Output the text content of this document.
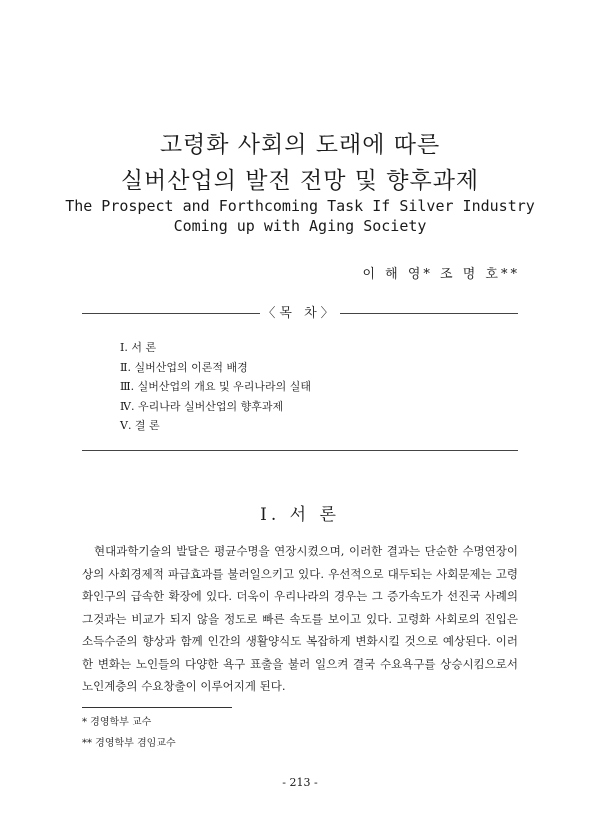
고령화 사회의 도래에 따른
실버산업의 발전 전망 및 향후과제
The Prospect and Forthcoming Task If Silver Industry
Coming up with Aging Society
이 해 영* 조 명 호**
〈목 차〉
Ⅰ. 서 론
Ⅱ. 실버산업의 이론적 배경
Ⅲ. 실버산업의 개요 및 우리나라의 실태
Ⅳ. 우리나라 실버산업의 향후과제
Ⅴ. 결 론
Ⅰ. 서 론

현대과학기술의 발달은 평균수명을 연장시켰으며, 이러한 결과는 단순한 수명연장이상의 사회경제적 파급효과를 불러일으키고 있다. 우선적으로 대두되는 사회문제는 고령화인구의 급속한 확장에 있다. 더욱이 우리나라의 경우는 그 증가속도가 선진국 사례의 그것과는 비교가 되지 않을 정도로 빠른 속도를 보이고 있다. 고령화 사회로의 진입은 소득수준의 향상과 함께 인간의 생활양식도 복잡하게 변화시킬 것으로 예상된다. 이러한 변화는 노인들의 다양한 욕구 표출을 불러 일으켜 결국 수요욕구를 상승시킴으로서 노인계층의 수요창출이 이루어지게 된다.

* 경영학부 교수
** 경영학부 겸임교수
- 213 -
